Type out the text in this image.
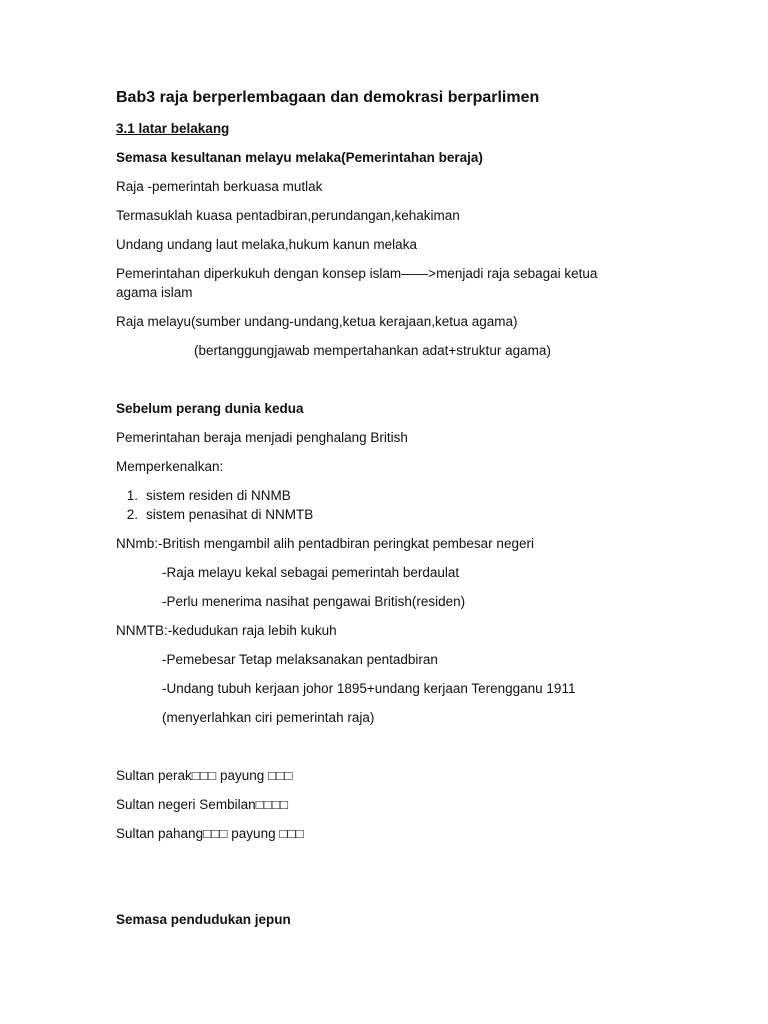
Bab3 raja berperlembagaan dan demokrasi berparlimen
3.1 latar belakang
Semasa kesultanan melayu melaka(Pemerintahan beraja)
Raja -pemerintah berkuasa mutlak
Termasuklah kuasa pentadbiran,perundangan,kehakiman
Undang undang laut melaka,hukum kanun melaka
Pemerintahan diperkukuh dengan konsep islam——>menjadi raja sebagai ketua agama islam
Raja melayu(sumber undang-undang,ketua kerajaan,ketua agama)
(bertanggungjawab mempertahankan adat+struktur agama)
Sebelum perang dunia kedua
Pemerintahan beraja menjadi penghalang British
Memperkenalkan:
1. sistem residen di NNMB
2. sistem penasihat di NNMTB
NNmb:-British mengambil alih pentadbiran peringkat pembesar negeri
-Raja melayu kekal sebagai pemerintah berdaulat
-Perlu menerima nasihat pengawai British(residen)
NNMTB:-kedudukan raja lebih kukuh
-Pemebesar Tetap melaksanakan pentadbiran
-Undang tubuh kerjaan johor 1895+undang kerjaan Terengganu 1911
(menyerlahkan ciri pemerintah raja)
Sultan perak□□□ payung □□□
Sultan negeri Sembilan□□□□
Sultan pahang□□□ payung □□□
Semasa pendudukan jepun
